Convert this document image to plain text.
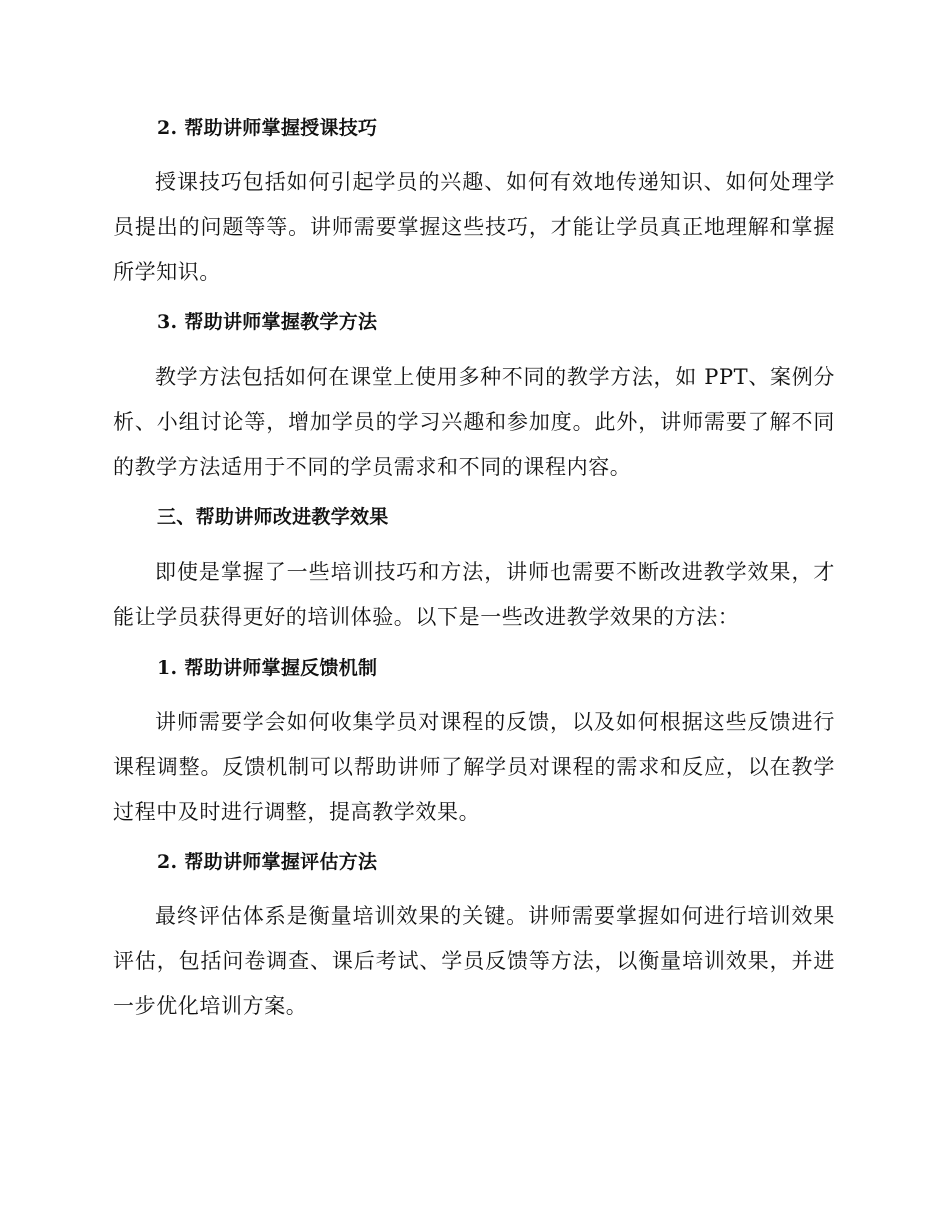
2. 帮助讲师掌握授课技巧

授课技巧包括如何引起学员的兴趣、如何有效地传递知识、如何处理学员提出的问题等等。讲师需要掌握这些技巧，才能让学员真正地理解和掌握所学知识。

3. 帮助讲师掌握教学方法

教学方法包括如何在课堂上使用多种不同的教学方法，如 PPT、案例分析、小组讨论等，增加学员的学习兴趣和参加度。此外，讲师需要了解不同的教学方法适用于不同的学员需求和不同的课程内容。

三、帮助讲师改进教学效果

即使是掌握了一些培训技巧和方法，讲师也需要不断改进教学效果，才能让学员获得更好的培训体验。以下是一些改进教学效果的方法：

1. 帮助讲师掌握反馈机制

讲师需要学会如何收集学员对课程的反馈，以及如何根据这些反馈进行课程调整。反馈机制可以帮助讲师了解学员对课程的需求和反应，以在教学过程中及时进行调整，提高教学效果。

2. 帮助讲师掌握评估方法

最终评估体系是衡量培训效果的关键。讲师需要掌握如何进行培训效果评估，包括问卷调查、课后考试、学员反馈等方法，以衡量培训效果，并进一步优化培训方案。
